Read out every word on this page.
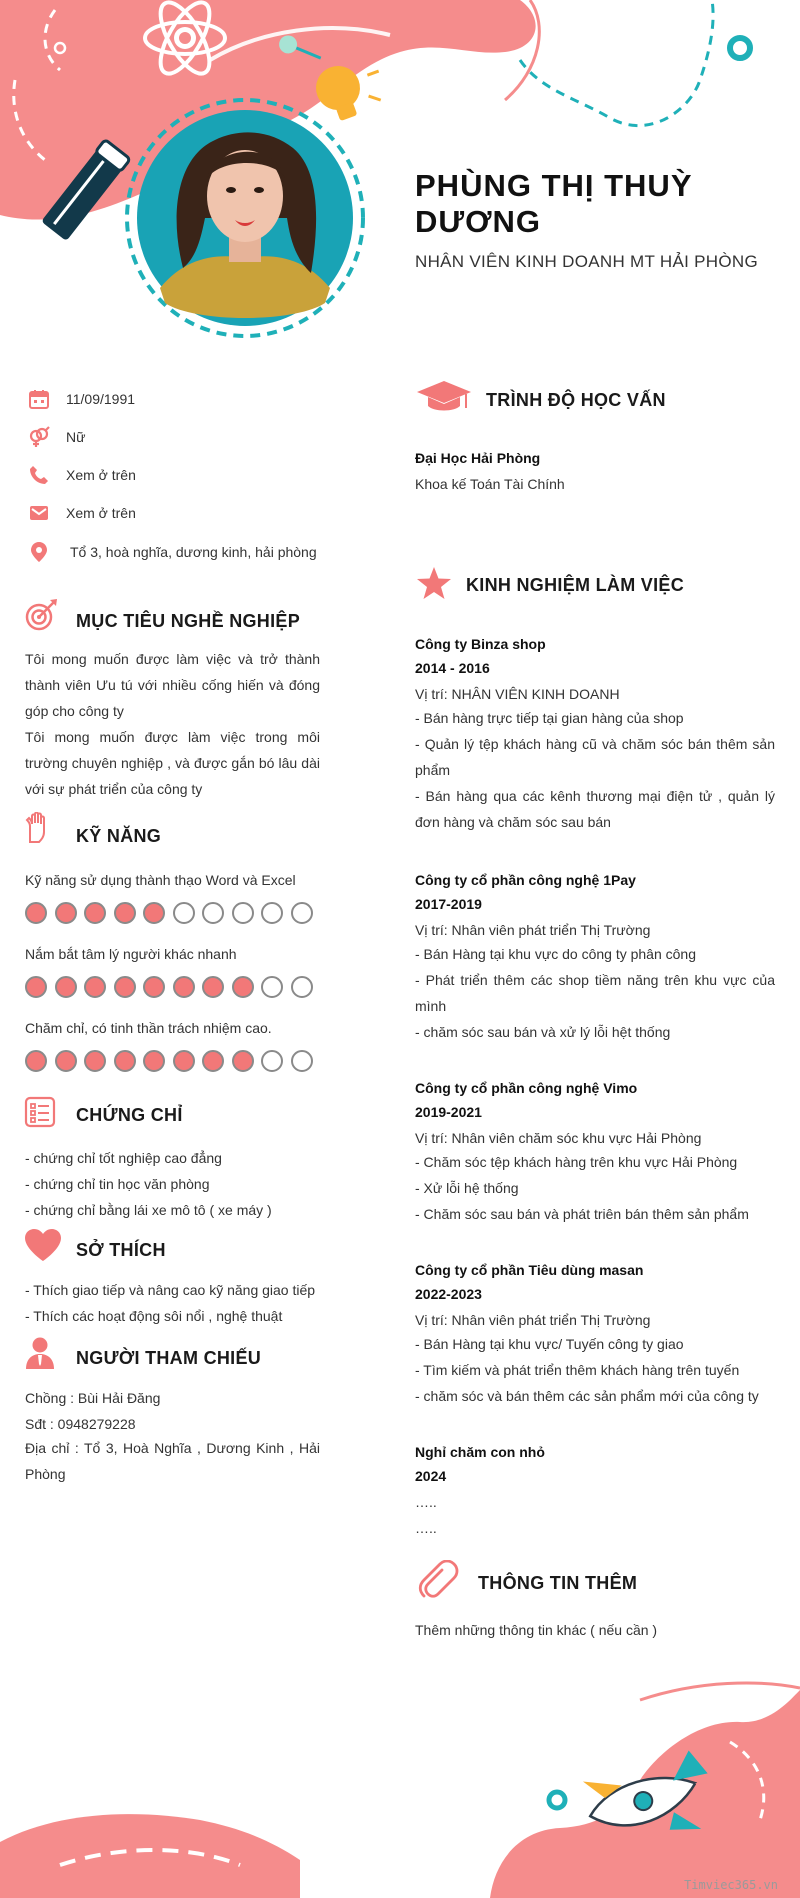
PHÙNG THỊ THUỲ DƯƠNG
NHÂN VIÊN KINH DOANH MT HẢI PHÒNG
11/09/1991
Nữ
Xem ở trên
Xem ở trên
Tổ 3, hoà nghĩa, dương kinh, hải phòng
MỤC TIÊU NGHỀ NGHIỆP
Tôi mong muốn được làm việc và trở thành thành viên Ưu tú với nhiều cống hiến và đóng góp cho công ty
Tôi mong muốn được làm việc trong môi trường chuyên nghiệp , và được gắn bó lâu dài với sự phát triển của công ty
KỸ NĂNG
Kỹ năng sử dụng thành thạo Word và Excel
Nắm bắt tâm lý người khác nhanh
Chăm chỉ, có tinh thần trách nhiệm cao.
CHỨNG CHỈ
- chứng chỉ tốt nghiệp cao đẳng
- chứng chỉ tin học văn phòng
- chứng chỉ bằng lái xe mô tô ( xe máy )
SỞ THÍCH
- Thích giao tiếp và nâng cao kỹ năng giao tiếp
- Thích các hoạt động sôi nổi , nghệ thuật
NGƯỜI THAM CHIẾU
Chồng : Bùi Hải Đăng
Sđt : 0948279228
Địa chỉ : Tổ 3, Hoà Nghĩa , Dương Kinh , Hải Phòng
TRÌNH ĐỘ HỌC VẤN
Đại Học Hải Phòng
Khoa kế Toán Tài Chính
KINH NGHIỆM LÀM VIỆC
Công ty Binza shop
2014 - 2016
Vị trí: NHÂN VIÊN KINH DOANH
- Bán hàng trực tiếp tại gian hàng của shop
- Quản lý tệp khách hàng cũ và chăm sóc bán thêm sản phẩm
- Bán hàng qua các kênh thương mại điện tử , quản lý đơn hàng và chăm sóc sau bán
Công ty cổ phần công nghệ 1Pay
2017-2019
Vị trí: Nhân viên phát triển Thị Trường
- Bán Hàng tại khu vực do công ty phân công
- Phát triển thêm các shop tiềm năng trên khu vực của mình
- chăm sóc sau bán và xử lý lỗi hệt thống
Công ty cổ phần công nghệ Vimo
2019-2021
Vị trí: Nhân viên chăm sóc khu vực Hải Phòng
- Chăm sóc tệp khách hàng trên khu vực Hải Phòng
- Xử lỗi hệ thống
- Chăm sóc sau bán và phát triên bán thêm sản phẩm
Công ty cổ phần Tiêu dùng masan
2022-2023
Vị trí: Nhân viên phát triển Thị Trường
- Bán Hàng tại khu vực/ Tuyến công ty giao
- Tìm kiếm và phát triển thêm khách hàng trên tuyến
- chăm sóc và bán thêm các sản phẩm mới của công ty
Nghỉ chăm con nhỏ
2024
…..
…..
THÔNG TIN THÊM
Thêm những thông tin khác ( nếu cần )
Timviec365.vn
